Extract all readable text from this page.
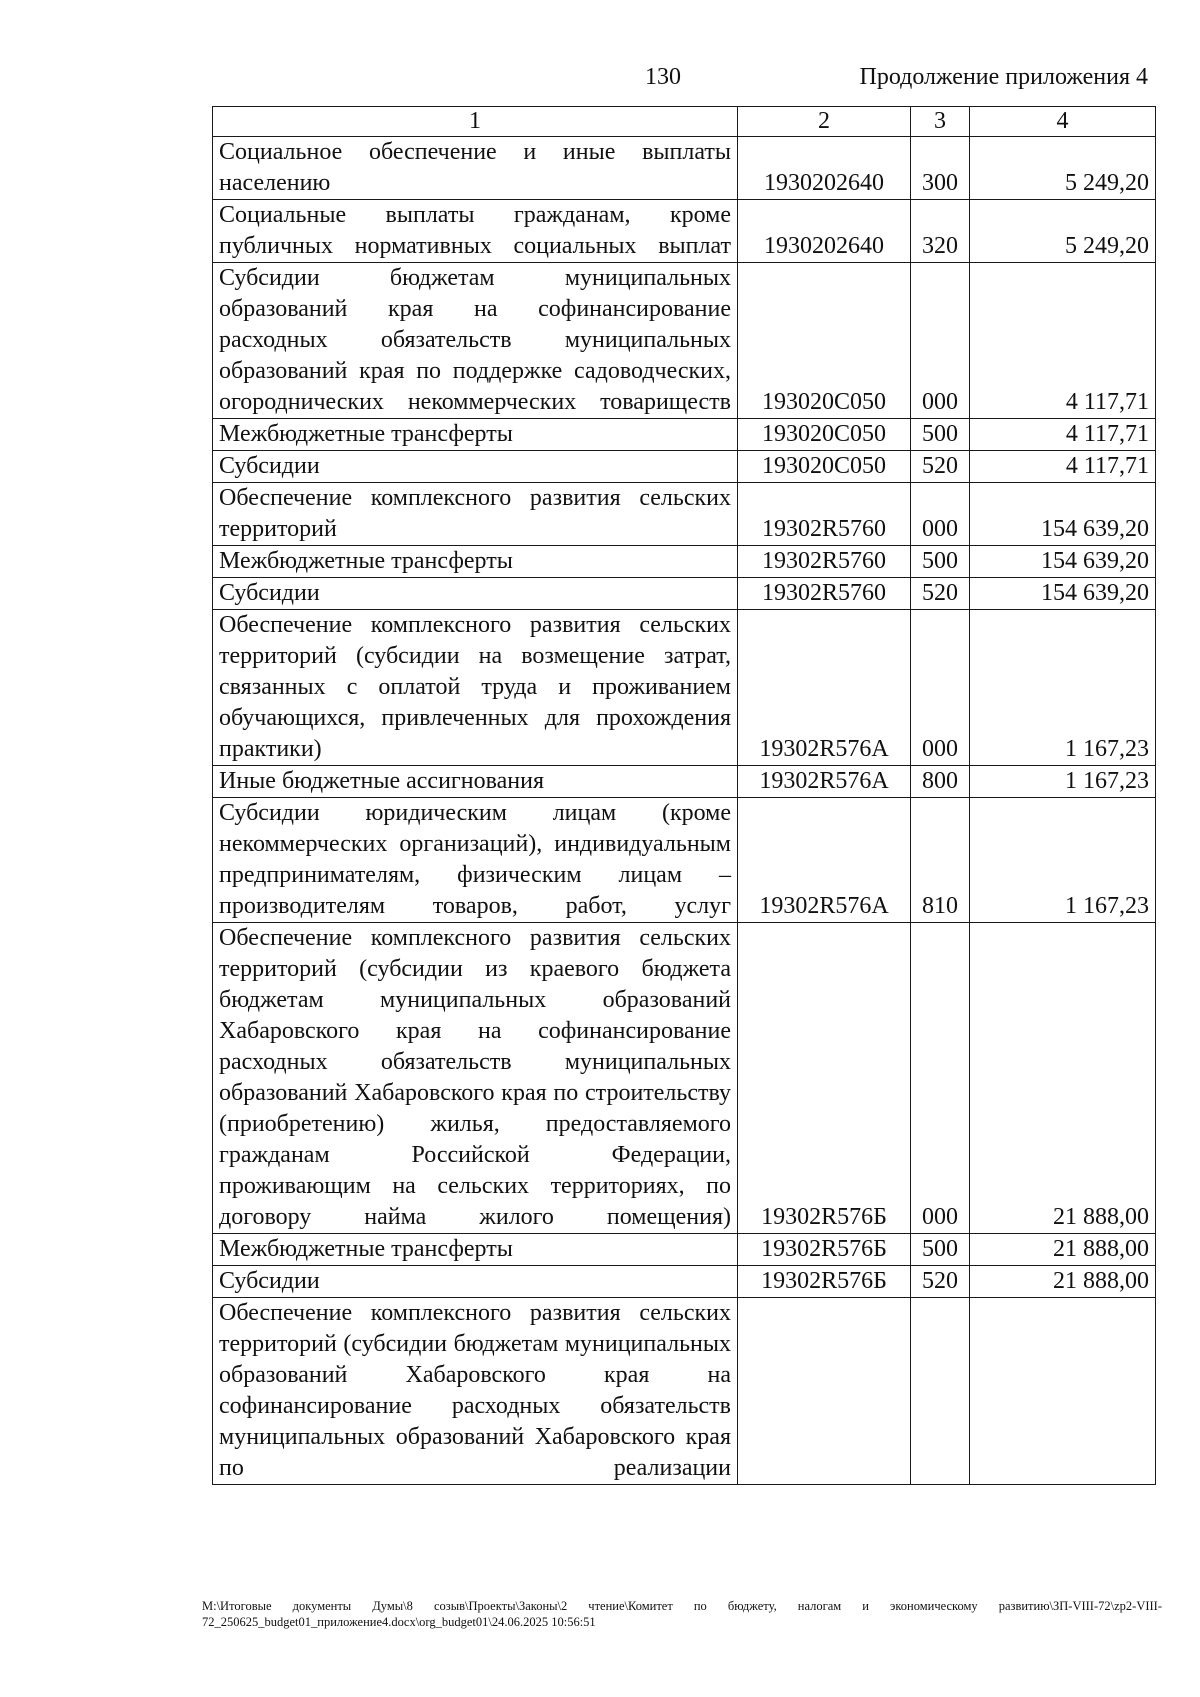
130	Продолжение приложения 4
1	2	3	4
Социальное обеспечение и иные выплаты населению	1930202640	300	5 249,20
Социальные выплаты гражданам, кроме публичных нормативных социальных выплат	1930202640	320	5 249,20
Субсидии бюджетам муниципальных образований края на софинансирование расходных обязательств муниципальных образований края по поддержке садоводческих, огороднических некоммерческих товариществ	193020С050	000	4 117,71
Межбюджетные трансферты	193020С050	500	4 117,71
Субсидии	193020С050	520	4 117,71
Обеспечение комплексного развития сельских территорий	19302R5760	000	154 639,20
Межбюджетные трансферты	19302R5760	500	154 639,20
Субсидии	19302R5760	520	154 639,20
Обеспечение комплексного развития сельских территорий (субсидии на возмещение затрат, связанных с оплатой труда и проживанием обучающихся, привлеченных для прохождения практики)	19302R576А	000	1 167,23
Иные бюджетные ассигнования	19302R576А	800	1 167,23
Субсидии юридическим лицам (кроме некоммерческих организаций), индивидуальным предпринимателям, физическим лицам – производителям товаров, работ, услуг	19302R576А	810	1 167,23
Обеспечение комплексного развития сельских территорий (субсидии из краевого бюджета бюджетам муниципальных образований Хабаровского края на софинансирование расходных обязательств муниципальных образований Хабаровского края по строительству (приобретению) жилья, предоставляемого гражданам Российской Федерации, проживающим на сельских территориях, по договору найма жилого помещения)	19302R576Б	000	21 888,00
Межбюджетные трансферты	19302R576Б	500	21 888,00
Субсидии	19302R576Б	520	21 888,00
Обеспечение комплексного развития сельских территорий (субсидии бюджетам муниципальных образований Хабаровского края на софинансирование расходных обязательств муниципальных образований Хабаровского края по реализации			
М:\Итоговые документы Думы\8 созыв\Проекты\Законы\2 чтение\Комитет по бюджету, налогам и экономическому развитию\ЗП-VIII-72\zp2-VIII-72_250625_budget01_приложение4.docx\org_budget01\24.06.2025 10:56:51
